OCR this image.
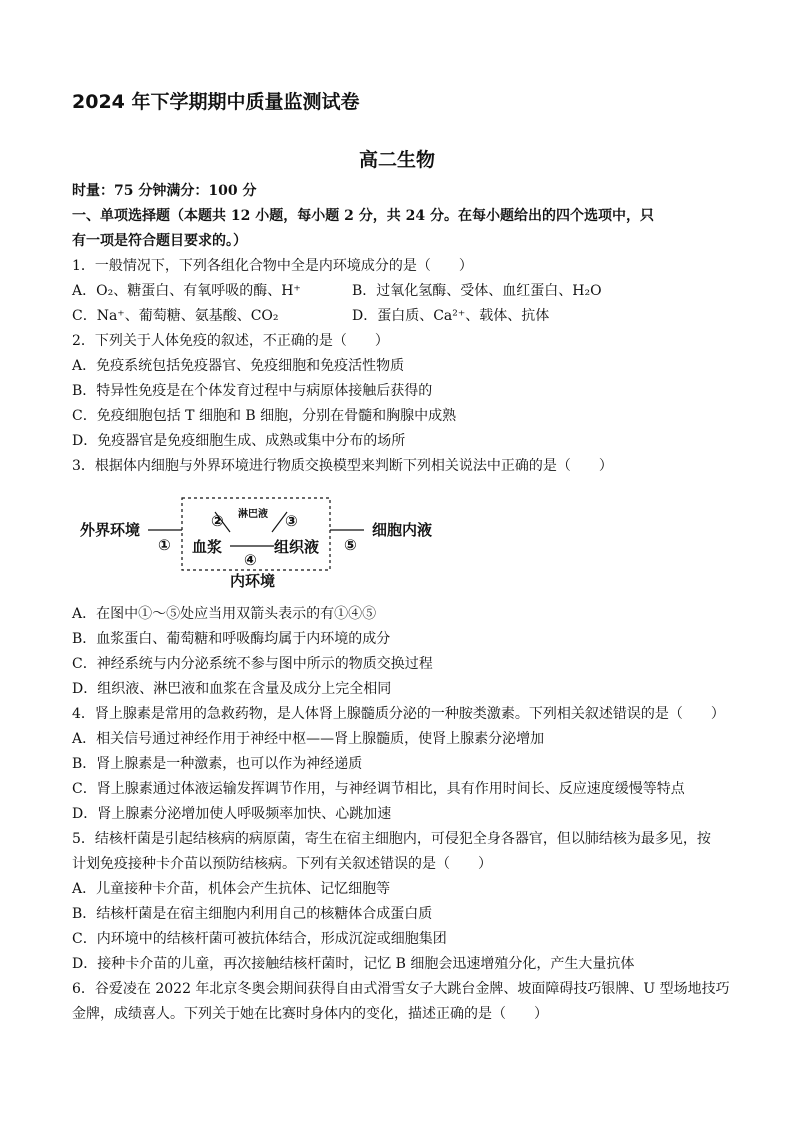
2024 年下学期期中质量监测试卷
高二生物
时量：75 分钟满分：100 分
一、单项选择题（本题共 12 小题，每小题 2 分，共 24 分。在每小题给出的四个选项中，只
有一项是符合题目要求的。）
1．一般情况下，下列各组化合物中全是内环境成分的是（　　）
A．O₂、糖蛋白、有氧呼吸的酶、H⁺	B．过氧化氢酶、受体、血红蛋白、H₂O
C．Na⁺、葡萄糖、氨基酸、CO₂	D．蛋白质、Ca²⁺、载体、抗体
2．下列关于人体免疫的叙述，不正确的是（　　）
A．免疫系统包括免疫器官、免疫细胞和免疫活性物质
B．特异性免疫是在个体发育过程中与病原体接触后获得的
C．免疫细胞包括 T 细胞和 B 细胞，分别在骨髓和胸腺中成熟
D．免疫器官是免疫细胞生成、成熟或集中分布的场所
3．根据体内细胞与外界环境进行物质交换模型来判断下列相关说法中正确的是（　　）
外界环境
①
② 淋巴液 ③
血浆	组织液
④
⑤
细胞内液
内环境
A．在图中①～⑤处应当用双箭头表示的有①④⑤
B．血浆蛋白、葡萄糖和呼吸酶均属于内环境的成分
C．神经系统与内分泌系统不参与图中所示的物质交换过程
D．组织液、淋巴液和血浆在含量及成分上完全相同
4．肾上腺素是常用的急救药物，是人体肾上腺髓质分泌的一种胺类激素。下列相关叙述错误的是（　　）
A．相关信号通过神经作用于神经中枢——肾上腺髓质，使肾上腺素分泌增加
B．肾上腺素是一种激素，也可以作为神经递质
C．肾上腺素通过体液运输发挥调节作用，与神经调节相比，具有作用时间长、反应速度缓慢等特点
D．肾上腺素分泌增加使人呼吸频率加快、心跳加速
5．结核杆菌是引起结核病的病原菌，寄生在宿主细胞内，可侵犯全身各器官，但以肺结核为最多见，按
计划免疫接种卡介苗以预防结核病。下列有关叙述错误的是（　　）
A．儿童接种卡介苗，机体会产生抗体、记忆细胞等
B．结核杆菌是在宿主细胞内利用自己的核糖体合成蛋白质
C．内环境中的结核杆菌可被抗体结合，形成沉淀或细胞集团
D．接种卡介苗的儿童，再次接触结核杆菌时，记忆 B 细胞会迅速增殖分化，产生大量抗体
6．谷爱凌在 2022 年北京冬奥会期间获得自由式滑雪女子大跳台金牌、坡面障碍技巧银牌、U 型场地技巧
金牌，成绩喜人。下列关于她在比赛时身体内的变化，描述正确的是（　　）
